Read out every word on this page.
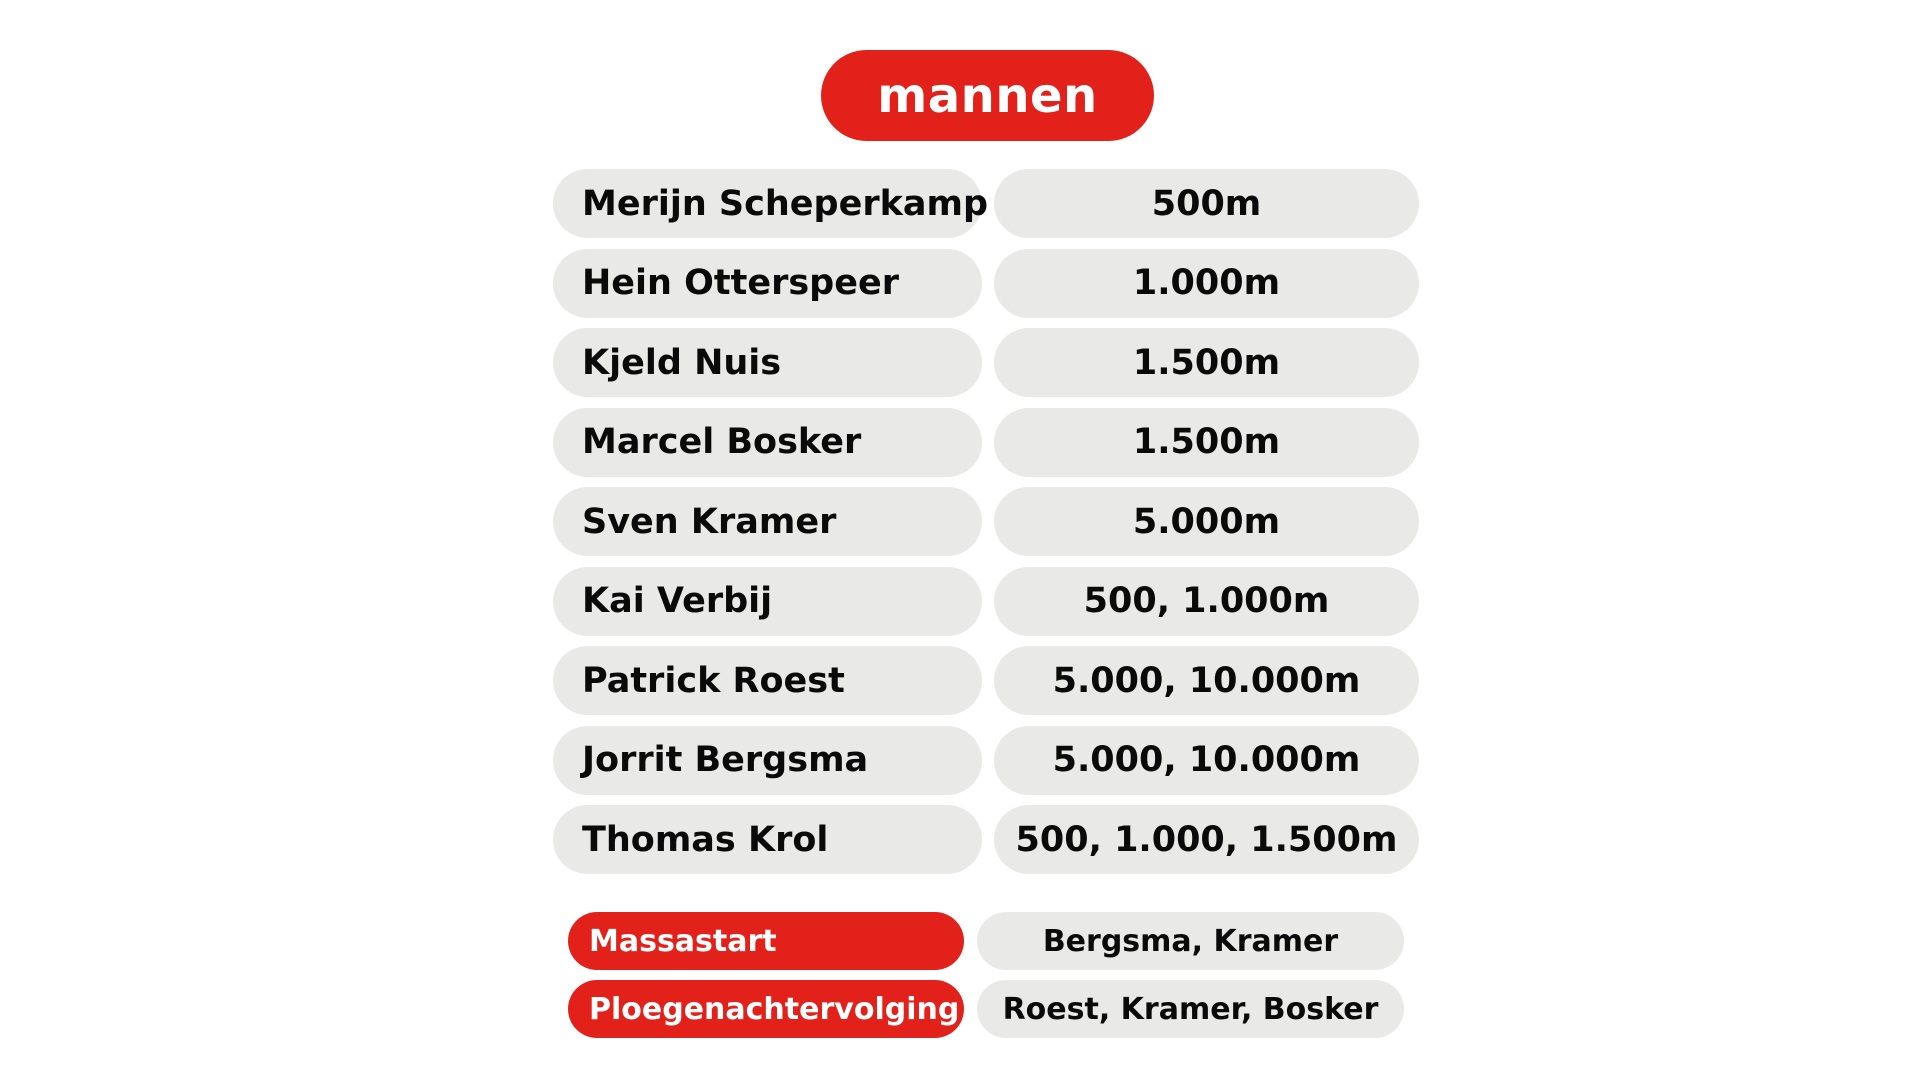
mannen
Merijn Scheperkamp	500m
Hein Otterspeer	1.000m
Kjeld Nuis	1.500m
Marcel Bosker	1.500m
Sven Kramer	5.000m
Kai Verbij	500, 1.000m
Patrick Roest	5.000, 10.000m
Jorrit Bergsma	5.000, 10.000m
Thomas Krol	500, 1.000, 1.500m
Massastart	Bergsma, Kramer
Ploegenachtervolging	Roest, Kramer, Bosker
